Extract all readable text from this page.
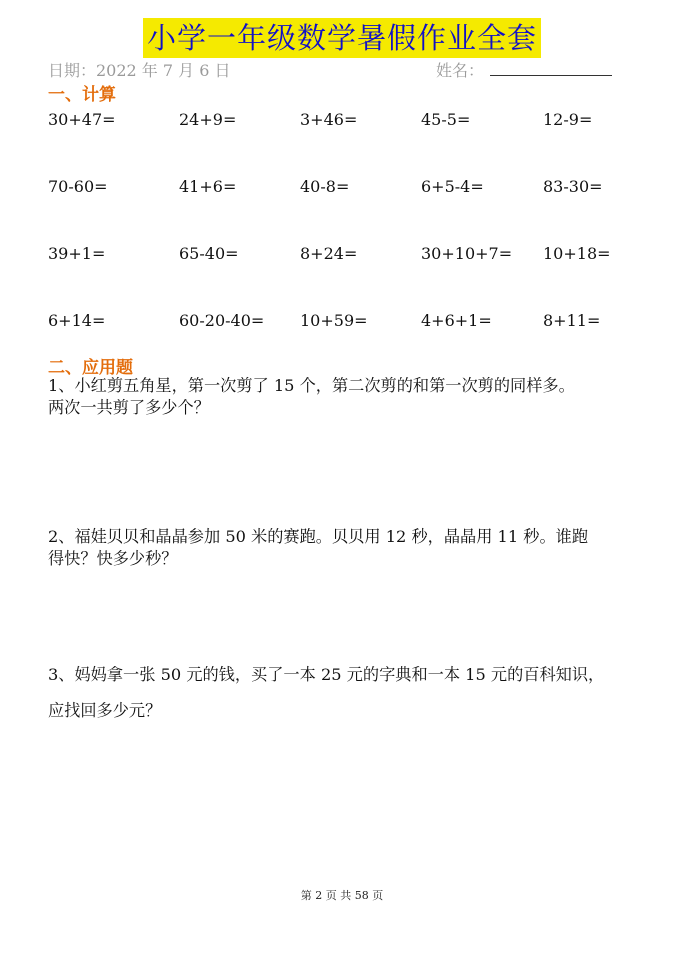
小学一年级数学暑假作业全套
日期：2022 年 7 月 6 日	姓名：
一、计算
30+47=	24+9=	3+46=	45-5=	12-9=
70-60=	41+6=	40-8=	6+5-4=	83-30=
39+1=	65-40=	8+24=	30+10+7= 10+18=
6+14=	60-20-40= 10+59=	4+6+1=	8+11=
二、应用题
1、小红剪五角星，第一次剪了 15 个，第二次剪的和第一次剪的同样多。
两次一共剪了多少个？
2、福娃贝贝和晶晶参加 50 米的赛跑。贝贝用 12 秒，晶晶用 11 秒。谁跑
得快？快多少秒？
3、妈妈拿一张 50 元的钱，买了一本 25 元的字典和一本 15 元的百科知识，
应找回多少元？
第 2 页 共 58 页
